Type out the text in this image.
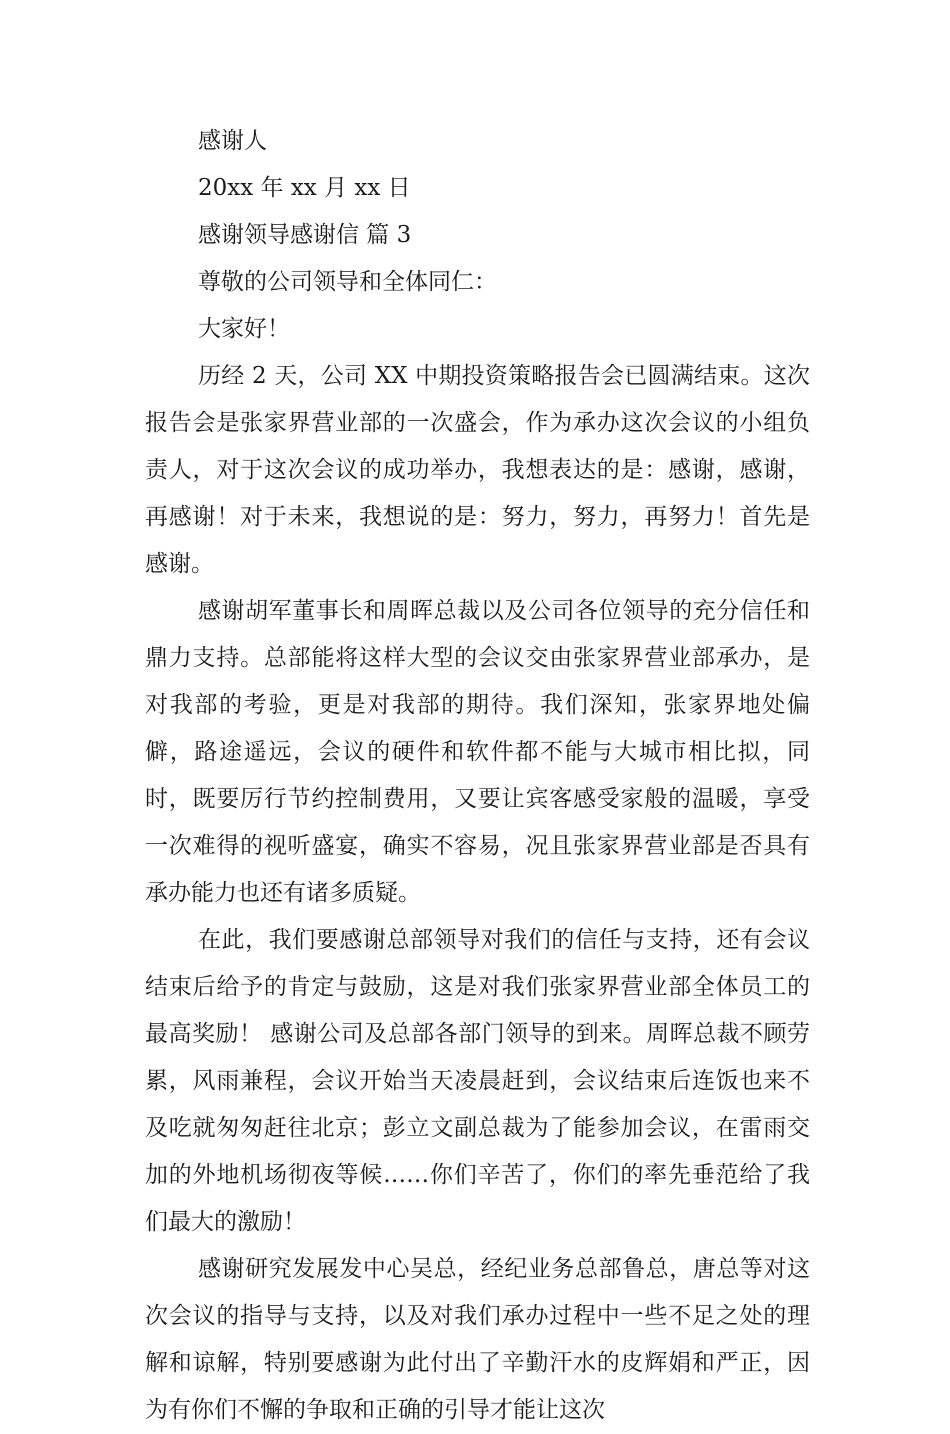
感谢人

20xx 年 xx 月 xx 日

感谢领导感谢信 篇 3

尊敬的公司领导和全体同仁：

大家好！

历经 2 天，公司 XX 中期投资策略报告会已圆满结束。这次报告会是张家界营业部的一次盛会，作为承办这次会议的小组负责人，对于这次会议的成功举办，我想表达的是：感谢，感谢，再感谢！对于未来，我想说的是：努力，努力，再努力！首先是感谢。

感谢胡军董事长和周晖总裁以及公司各位领导的充分信任和鼎力支持。总部能将这样大型的会议交由张家界营业部承办，是对我部的考验，更是对我部的期待。我们深知，张家界地处偏僻，路途遥远，会议的硬件和软件都不能与大城市相比拟，同时，既要厉行节约控制费用，又要让宾客感受家般的温暖，享受一次难得的视听盛宴，确实不容易，况且张家界营业部是否具有承办能力也还有诸多质疑。

在此，我们要感谢总部领导对我们的信任与支持，还有会议结束后给予的肯定与鼓励，这是对我们张家界营业部全体员工的最高奖励！ 感谢公司及总部各部门领导的到来。周晖总裁不顾劳累，风雨兼程，会议开始当天凌晨赶到，会议结束后连饭也来不及吃就匆匆赶往北京；彭立文副总裁为了能参加会议，在雷雨交加的外地机场彻夜等候……你们辛苦了，你们的率先垂范给了我们最大的激励！

感谢研究发展发中心吴总，经纪业务总部鲁总，唐总等对这次会议的指导与支持，以及对我们承办过程中一些不足之处的理解和谅解，特别要感谢为此付出了辛勤汗水的皮辉娟和严正，因为有你们不懈的争取和正确的引导才能让这次
